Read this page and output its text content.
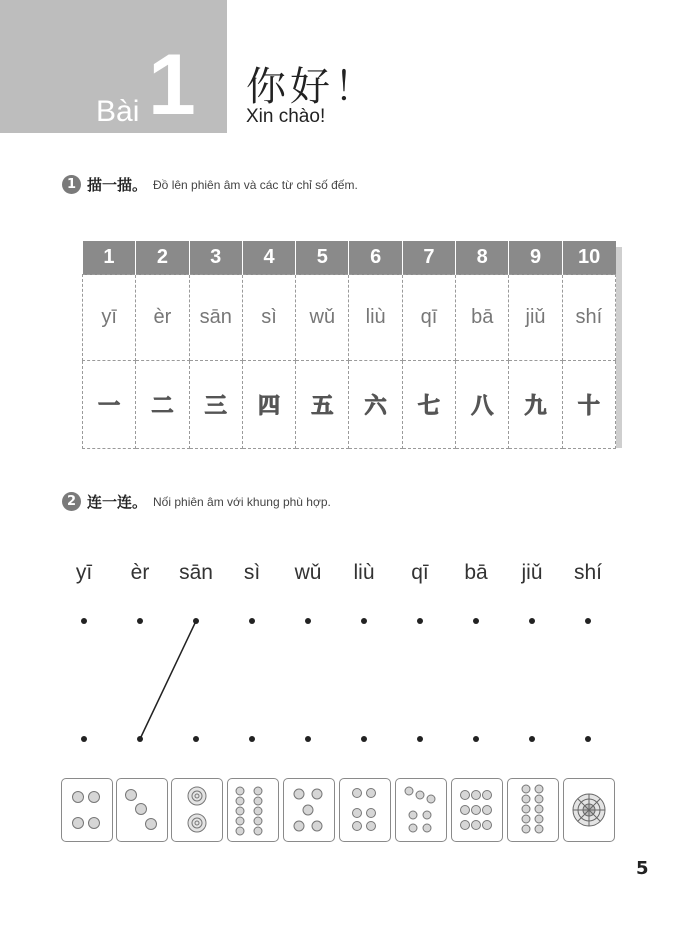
Bài 1 你好！
Xin chào!
1 描一描。 Đồ lên phiên âm và các từ chỉ số đếm.
1	2	3	4	5	6	7	8	9	10
yī	èr	sān	sì	wǔ	liù	qī	bā	jiǔ	shí
一	二	三	四	五	六	七	八	九	十
2 连一连。 Nối phiên âm với khung phù hợp.
yī	èr	sān	sì	wǔ	liù	qī	bā	jiǔ	shí
5
